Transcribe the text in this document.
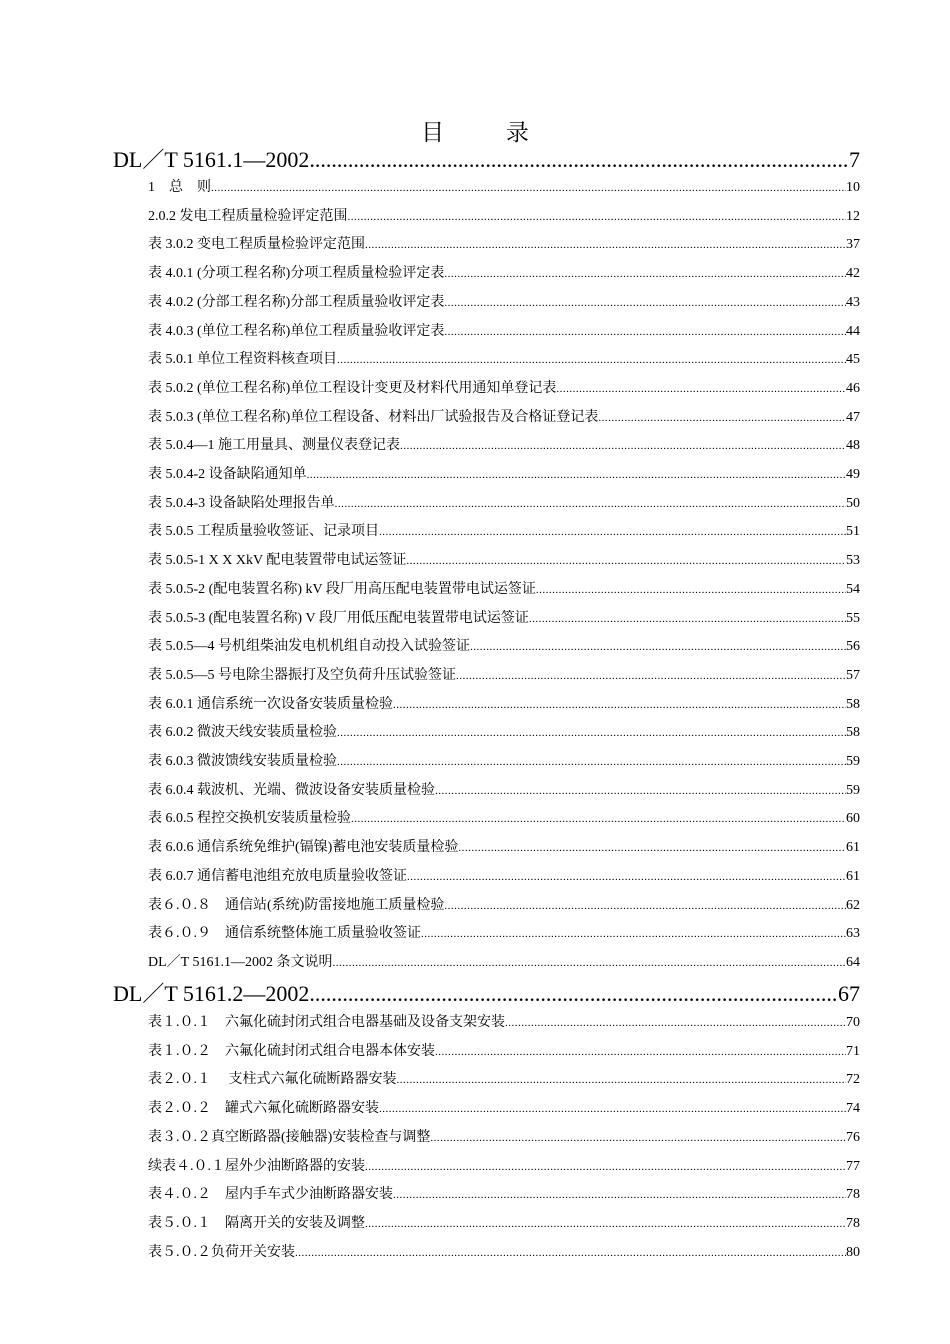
目 录
DL／T 5161.1—2002 .....	7
1　总　则 .....	10
2.0.2 发电工程质量检验评定范围 .....	12
表 3.0.2 变电工程质量检验评定范围 .....	37
表 4.0.1 (分项工程名称)分项工程质量检验评定表 .....	42
表 4.0.2 (分部工程名称)分部工程质量验收评定表 .....	43
表 4.0.3 (单位工程名称)单位工程质量验收评定表 .....	44
表 5.0.1 单位工程资料核查项目 .....	45
表 5.0.2 (单位工程名称)单位工程设计变更及材料代用通知单登记表 .....	46
表 5.0.3 (单位工程名称)单位工程设备、材料出厂试验报告及合格证登记表 .....	47
表 5.0.4—1 施工用量具、测量仪表登记表 .....	48
表 5.0.4-2 设备缺陷通知单 .....	49
表 5.0.4-3 设备缺陷处理报告单 .....	50
表 5.0.5 工程质量验收签证、记录项目 .....	51
表 5.0.5-1 X X XkV 配电装置带电试运签证 .....	53
表 5.0.5-2 (配电装置名称) kV 段厂用高压配电装置带电试运签证 .....	54
表 5.0.5-3 (配电装置名称) V 段厂用低压配电装置带电试运签证 .....	55
表 5.0.5—4 号机组柴油发电机机组自动投入试验签证 .....	56
表 5.0.5—5 号电除尘器振打及空负荷升压试验签证 .....	57
表 6.0.1 通信系统一次设备安装质量检验 .....	58
表 6.0.2 微波天线安装质量检验 .....	58
表 6.0.3 微波馈线安装质量检验 .....	59
表 6.0.4 载波机、光端、微波设备安装质量检验 .....	59
表 6.0.5 程控交换机安装质量检验 .....	60
表 6.0.6 通信系统免维护(镉镍)蓄电池安装质量检验 .....	61
表 6.0.7 通信蓄电池组充放电质量验收签证 .....	61
表６.０.８　通信站(系统)防雷接地施工质量检验 .....	62
表６.０.９　通信系统整体施工质量验收签证 .....	63
DL／T 5161.1—2002 条文说明 .....	64
DL／T 5161.2—2002 .....	67
表１.０.１　六氟化硫封闭式组合电器基础及设备支架安装 .....	70
表１.０.２　六氟化硫封闭式组合电器本体安装 .....	71
表２.０.１　 支柱式六氟化硫断路器安装 .....	72
表２.０.２　罐式六氟化硫断路器安装 .....	74
表３.０.２真空断路器(接触器)安装检查与调整 .....	76
续表４.０.１屋外少油断路器的安装 .....	77
表４.０.２　屋内手车式少油断路器安装 .....	78
表５.０.１　隔离开关的安装及调整 .....	78
表５.０.２负荷开关安装 .....	80
